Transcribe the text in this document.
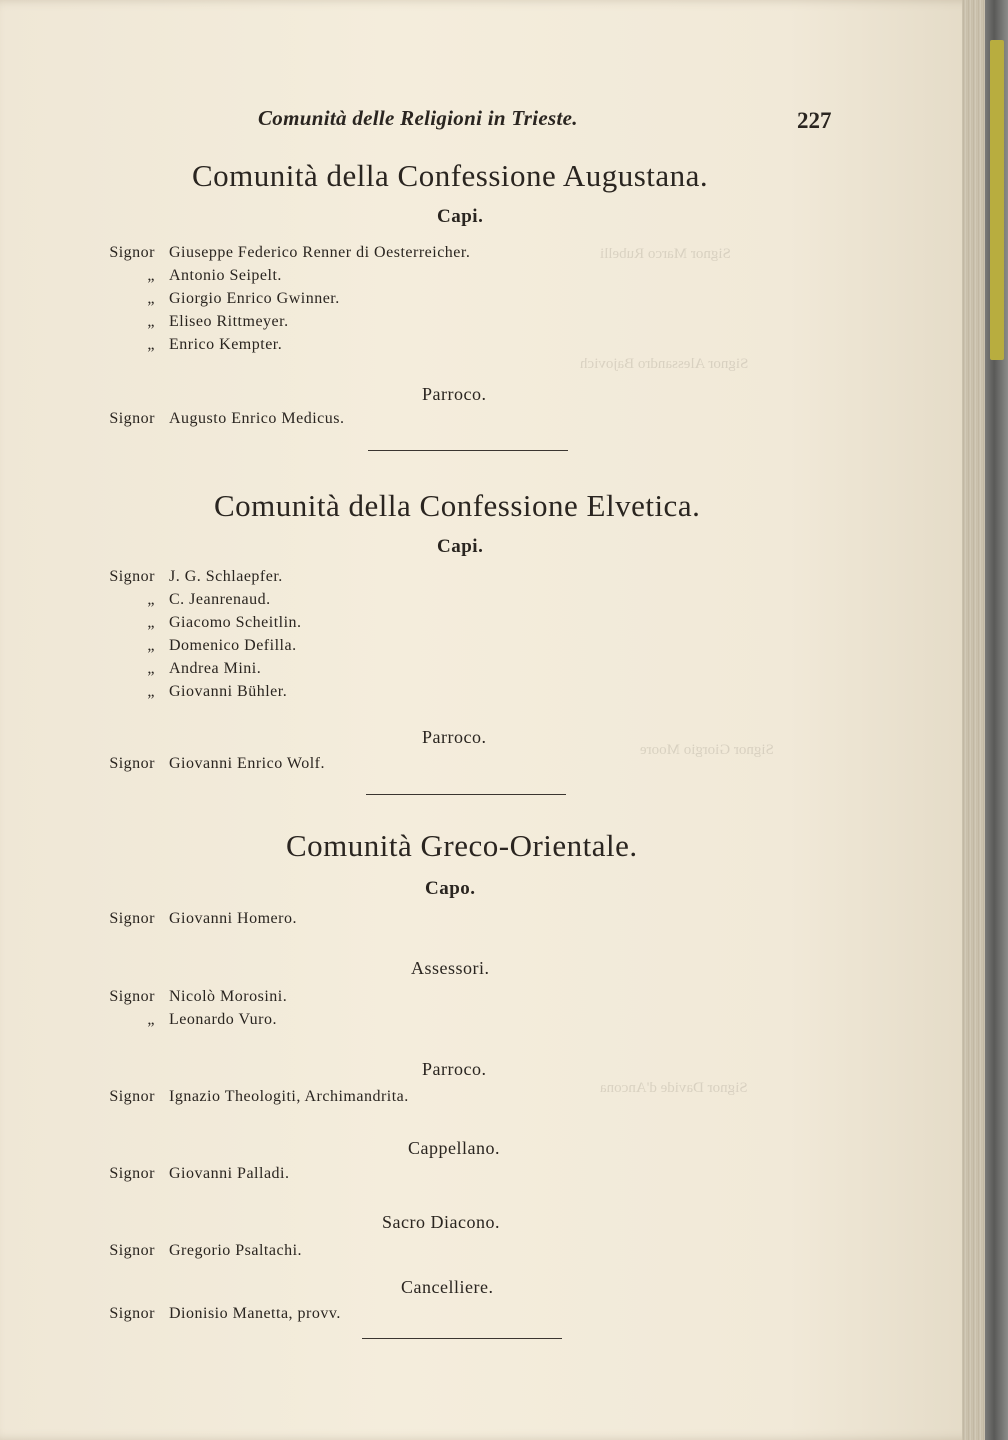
Signor Marco Rubelli
Signor Alessandro Bajovich
Signor Giorgio Moore
Signor Davide d'Ancona
Comunità delle Religioni in Trieste.	227
Comunità della Confessione Augustana.
Capi.
Signor Giuseppe Federico Renner di Oesterreicher.
„ Antonio Seipelt.
„ Giorgio Enrico Gwinner.
„ Eliseo Rittmeyer.
„ Enrico Kempter.
Parroco.
Signor Augusto Enrico Medicus.
Comunità della Confessione Elvetica.
Capi.
Signor J. G. Schlaepfer.
„ C. Jeanrenaud.
„ Giacomo Scheitlin.
„ Domenico Defilla.
„ Andrea Mini.
„ Giovanni Bühler.
Parroco.
Signor Giovanni Enrico Wolf.
Comunità Greco-Orientale.
Capo.
Signor Giovanni Homero.
Assessori.
Signor Nicolò Morosini.
„ Leonardo Vuro.
Parroco.
Signor Ignazio Theologiti, Archimandrita.
Cappellano.
Signor Giovanni Palladi.
Sacro Diacono.
Signor Gregorio Psaltachi.
Cancelliere.
Signor Dionisio Manetta, provv.
